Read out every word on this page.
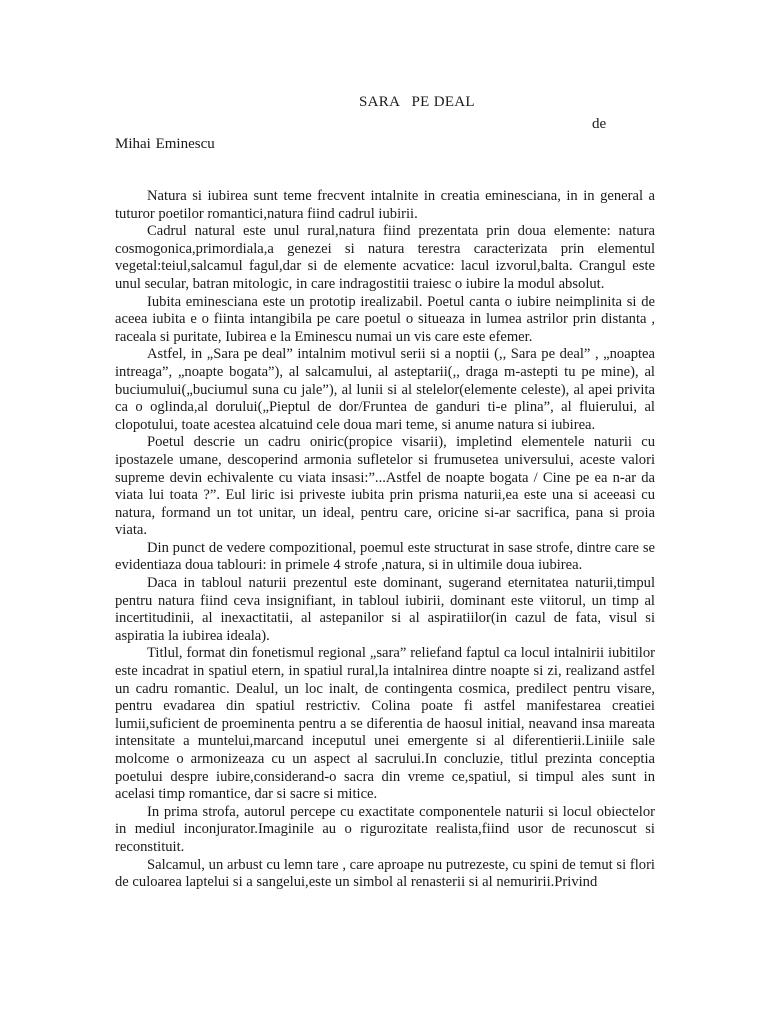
SARA   PE DEAL
de
Mihai Eminescu

Natura si iubirea sunt teme frecvent intalnite in creatia eminesciana, in in general a tuturor poetilor romantici,natura fiind cadrul iubirii.

Cadrul natural este unul rural,natura fiind prezentata prin doua elemente: natura cosmogonica,primordiala,a genezei si natura terestra caracterizata prin elementul vegetal:teiul,salcamul fagul,dar si de elemente acvatice: lacul izvorul,balta. Crangul este unul secular, batran mitologic, in care indragostitii traiesc o iubire la modul absolut.

Iubita eminesciana este un prototip irealizabil. Poetul canta o iubire neimplinita si de aceea iubita e o fiinta intangibila pe care poetul o situeaza in lumea astrilor prin distanta , raceala si puritate, Iubirea e la Eminescu numai un vis care este efemer.

Astfel, in „Sara pe deal” intalnim motivul serii si a noptii (,, Sara pe deal” , „noaptea intreaga”, „noapte bogata”), al salcamului, al asteptarii(,, draga m-astepti tu pe mine), al buciumului(„buciumul suna cu jale”), al lunii si al stelelor(elemente celeste), al apei privita ca o oglinda,al dorului(„Pieptul de dor/Fruntea de ganduri ti-e plina”, al fluierului, al clopotului, toate acestea alcatuind cele doua mari teme, si anume natura si iubirea.

Poetul descrie un cadru oniric(propice visarii), impletind elementele naturii cu ipostazele umane, descoperind armonia sufletelor si frumusetea universului, aceste valori supreme devin echivalente cu viata insasi:”...Astfel de noapte bogata / Cine pe ea n-ar da viata lui toata ?”. Eul liric isi priveste iubita prin prisma naturii,ea este una si aceeasi cu natura, formand un tot unitar, un ideal, pentru care, oricine si-ar sacrifica, pana si proia viata.

Din punct de vedere compozitional, poemul este structurat in sase strofe, dintre care se evidentiaza doua tablouri: in primele 4 strofe ,natura, si in ultimile doua iubirea.

Daca in tabloul naturii prezentul este dominant, sugerand eternitatea naturii,timpul pentru natura fiind ceva insignifiant, in tabloul iubirii, dominant este viitorul, un timp al incertitudinii, al inexactitatii, al astepanilor si al aspiratiilor(in cazul de fata, visul si aspiratia la iubirea ideala).

Titlul, format din fonetismul regional „sara” reliefand faptul ca locul intalnirii iubitilor este incadrat in spatiul etern, in spatiul rural,la intalnirea dintre noapte si zi, realizand astfel un cadru romantic. Dealul, un loc inalt, de contingenta cosmica, predilect pentru visare, pentru evadarea din spatiul restrictiv. Colina poate fi astfel manifestarea creatiei lumii,suficient de proeminenta pentru a se diferentia de haosul initial, neavand insa mareata intensitate a muntelui,marcand inceputul unei emergente si al diferentierii.Liniile sale molcome o armonizeaza cu un aspect al sacrului.In concluzie, titlul prezinta conceptia poetului despre iubire,considerand-o sacra din vreme ce,spatiul, si timpul ales sunt in acelasi timp romantice, dar si sacre si mitice.

In prima strofa, autorul percepe cu exactitate componentele naturii si locul obiectelor in mediul inconjurator.Imaginile au o rigurozitate realista,fiind usor de recunoscut si reconstituit.

Salcamul, un arbust cu lemn tare , care aproape nu putrezeste, cu spini de temut si flori de culoarea laptelui si a sangelui,este un simbol al renasterii si al nemuririi.Privind
